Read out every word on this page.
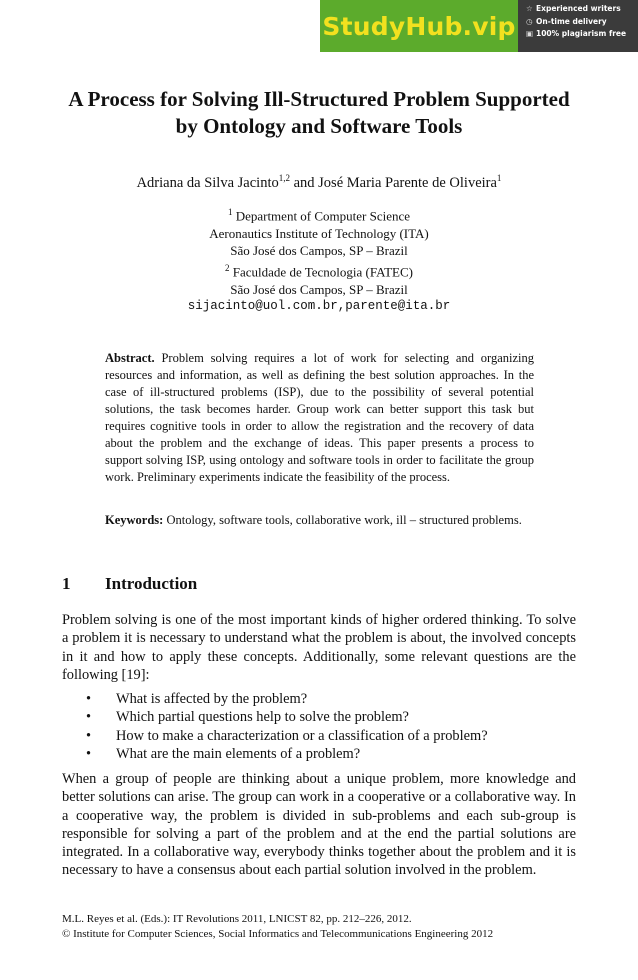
StudyHub.vip
☆ Experienced writers
◷ On-time delivery
▣ 100% plagiarism free
A Process for Solving Ill-Structured Problem Supported
by Ontology and Software Tools
Adriana da Silva Jacinto$^{1,2}$ and José Maria Parente de Oliveira$^1$
$^1$ Department of Computer Science
Aeronautics Institute of Technology (ITA)
São José dos Campos, SP – Brazil
$^2$ Faculdade de Tecnologia (FATEC)
São José dos Campos, SP – Brazil
sijacinto@uol.com.br,parente@ita.br
Abstract. Problem solving requires a lot of work for selecting and organizing resources and information, as well as defining the best solution approaches. In the case of ill-structured problems (ISP), due to the possibility of several potential solutions, the task becomes harder. Group work can better support this task but requires cognitive tools in order to allow the registration and the recovery of data about the problem and the exchange of ideas. This paper presents a process to support solving ISP, using ontology and software tools in order to facilitate the group work. Preliminary experiments indicate the feasibility of the process.
Keywords: Ontology, software tools, collaborative work, ill – structured problems.
1 Introduction
Problem solving is one of the most important kinds of higher ordered thinking. To solve a problem it is necessary to understand what the problem is about, the involved concepts in it and how to apply these concepts. Additionally, some relevant questions are the following [19]:
• What is affected by the problem?
• Which partial questions help to solve the problem?
• How to make a characterization or a classification of a problem?
• What are the main elements of a problem?
When a group of people are thinking about a unique problem, more knowledge and better solutions can arise. The group can work in a cooperative or a collaborative way. In a cooperative way, the problem is divided in sub-problems and each sub-group is responsible for solving a part of the problem and at the end the partial solutions are integrated. In a collaborative way, everybody thinks together about the problem and it is necessary to have a consensus about each partial solution involved in the problem.
M.L. Reyes et al. (Eds.): IT Revolutions 2011, LNICST 82, pp. 212–226, 2012.
© Institute for Computer Sciences, Social Informatics and Telecommunications Engineering 2012
